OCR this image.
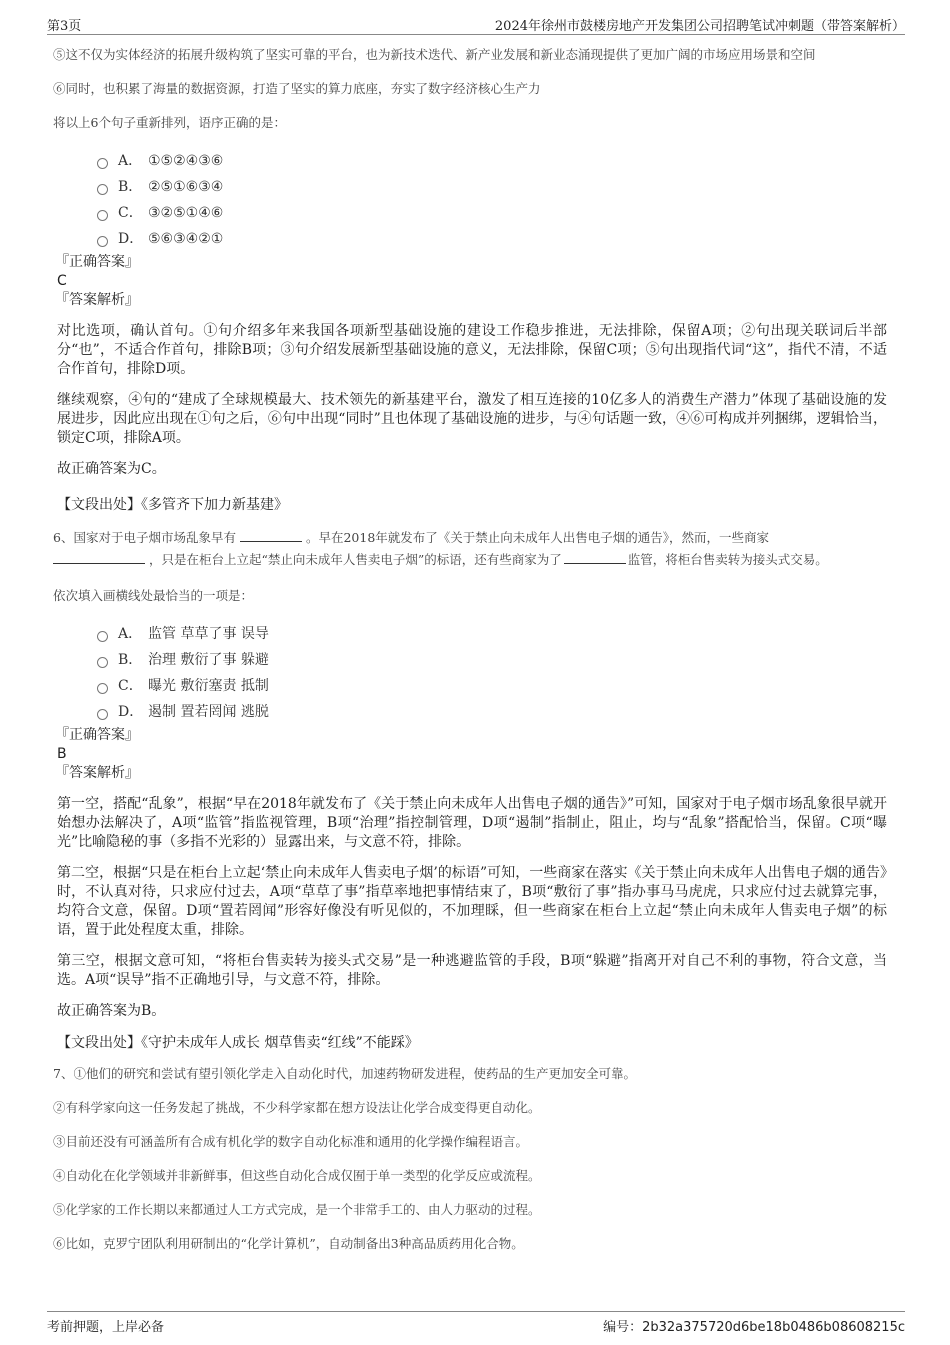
第3页	2024年徐州市鼓楼房地产开发集团公司招聘笔试冲刺题（带答案解析）

⑤这不仅为实体经济的拓展升级构筑了坚实可靠的平台，也为新技术迭代、新产业发展和新业态涌现提供了更加广阔的市场应用场景和空间

⑥同时，也积累了海量的数据资源，打造了坚实的算力底座，夯实了数字经济核心生产力

将以上6个句子重新排列，语序正确的是：

A． ①⑤②④③⑥
B． ②⑤①⑥③④
C． ③②⑤①④⑥
D． ⑤⑥③④②①
『正确答案』
C
『答案解析』

对比选项，确认首句。①句介绍多年来我国各项新型基础设施的建设工作稳步推进，无法排除，保留A项；②句出现关联词后半部分“也”，不适合作首句，排除B项；③句介绍发展新型基础设施的意义，无法排除，保留C项；⑤句出现指代词“这”，指代不清，不适合作首句，排除D项。

继续观察，④句的“建成了全球规模最大、技术领先的新基建平台，激发了相互连接的10亿多人的消费生产潜力”体现了基础设施的发展进步，因此应出现在①句之后，⑥句中出现“同时”且也体现了基础设施的进步，与④句话题一致，④⑥可构成并列捆绑，逻辑恰当，锁定C项，排除A项。

故正确答案为C。

【文段出处】《多管齐下加力新基建》

6、国家对于电子烟市场乱象早有	。早在2018年就发布了《关于禁止向未成年人出售电子烟的通告》，然而，一些商家
，只是在柜台上立起“禁止向未成年人售卖电子烟”的标语，还有些商家为了	监管，将柜台售卖转为接头式交易。

依次填入画横线处最恰当的一项是：

A． 监管 草草了事 误导
B． 治理 敷衍了事 躲避
C． 曝光 敷衍塞责 抵制
D． 遏制 置若罔闻 逃脱
『正确答案』
B
『答案解析』

第一空，搭配“乱象”，根据“早在2018年就发布了《关于禁止向未成年人出售电子烟的通告》”可知，国家对于电子烟市场乱象很早就开始想办法解决了，A项“监管”指监视管理，B项“治理”指控制管理，D项“遏制”指制止，阻止，均与“乱象”搭配恰当，保留。C项“曝光”比喻隐秘的事（多指不光彩的）显露出来，与文意不符，排除。

第二空，根据“只是在柜台上立起‘禁止向未成年人售卖电子烟’的标语”可知，一些商家在落实《关于禁止向未成年人出售电子烟的通告》时，不认真对待，只求应付过去，A项“草草了事”指草率地把事情结束了，B项“敷衍了事”指办事马马虎虎，只求应付过去就算完事，均符合文意，保留。D项“置若罔闻”形容好像没有听见似的，不加理睬，但一些商家在柜台上立起“禁止向未成年人售卖电子烟”的标语，置于此处程度太重，排除。

第三空，根据文意可知，“将柜台售卖转为接头式交易”是一种逃避监管的手段，B项“躲避”指离开对自己不利的事物，符合文意，当选。A项“误导”指不正确地引导，与文意不符，排除。

故正确答案为B。

【文段出处】《守护未成年人成长 烟草售卖“红线”不能踩》

7、①他们的研究和尝试有望引领化学走入自动化时代，加速药物研发进程，使药品的生产更加安全可靠。

②有科学家向这一任务发起了挑战，不少科学家都在想方设法让化学合成变得更自动化。

③目前还没有可涵盖所有合成有机化学的数字自动化标准和通用的化学操作编程语言。

④自动化在化学领域并非新鲜事，但这些自动化合成仅囿于单一类型的化学反应或流程。

⑤化学家的工作长期以来都通过人工方式完成，是一个非常手工的、由人力驱动的过程。

⑥比如，克罗宁团队利用研制出的“化学计算机”，自动制备出3种高品质药用化合物。

考前押题，上岸必备	编号：2b32a375720d6be18b0486b08608215c
